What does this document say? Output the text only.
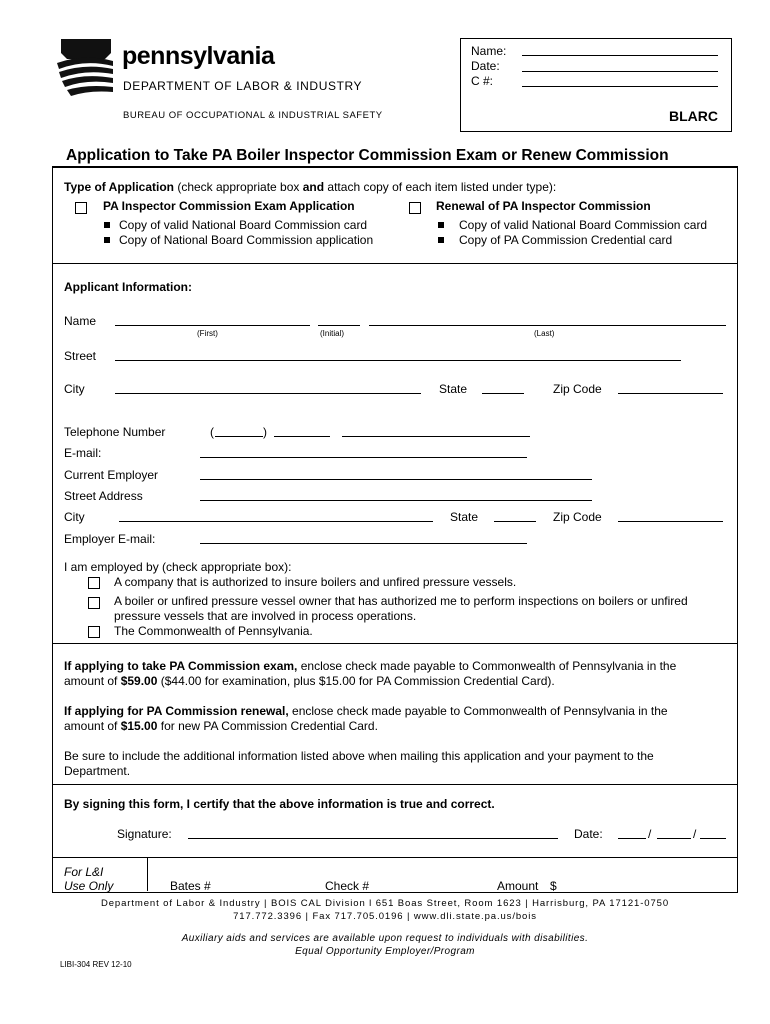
pennsylvania
DEPARTMENT OF LABOR & INDUSTRY
BUREAU OF OCCUPATIONAL & INDUSTRIAL SAFETY
Name:
Date:
C #:
BLARC
Application to Take PA Boiler Inspector Commission Exam or Renew Commission
Type of Application (check appropriate box and attach copy of each item listed under type):
PA Inspector Commission Exam Application
Copy of valid National Board Commission card
Copy of National Board Commission application
Renewal of PA Inspector Commission
Copy of valid National Board Commission card
Copy of PA Commission Credential card
Applicant Information:
Name
(First)	(Initial)	(Last)
Street
City	State	Zip Code
Telephone Number	(	)
E-mail:
Current Employer
Street Address
City	State	Zip Code
Employer E-mail:
I am employed by (check appropriate box):
A company that is authorized to insure boilers and unfired pressure vessels.
A boiler or unfired pressure vessel owner that has authorized me to perform inspections on boilers or unfired
pressure vessels that are involved in process operations.
The Commonwealth of Pennsylvania.
If applying to take PA Commission exam, enclose check made payable to Commonwealth of Pennsylvania in the
amount of $59.00 ($44.00 for examination, plus $15.00 for PA Commission Credential Card).
If applying for PA Commission renewal, enclose check made payable to Commonwealth of Pennsylvania in the
amount of $15.00 for new PA Commission Credential Card.
Be sure to include the additional information listed above when mailing this application and your payment to the
Department.
By signing this form, I certify that the above information is true and correct.
Signature:	Date:	/	/
For L&I
Use Only	Bates #	Check #	Amount $
Department of Labor & Industry | BOIS CAL Division l 651 Boas Street, Room 1623 | Harrisburg, PA 17121-0750
717.772.3396 | Fax 717.705.0196 | www.dli.state.pa.us/bois
Auxiliary aids and services are available upon request to individuals with disabilities.
Equal Opportunity Employer/Program
LIBI-304 REV 12-10
